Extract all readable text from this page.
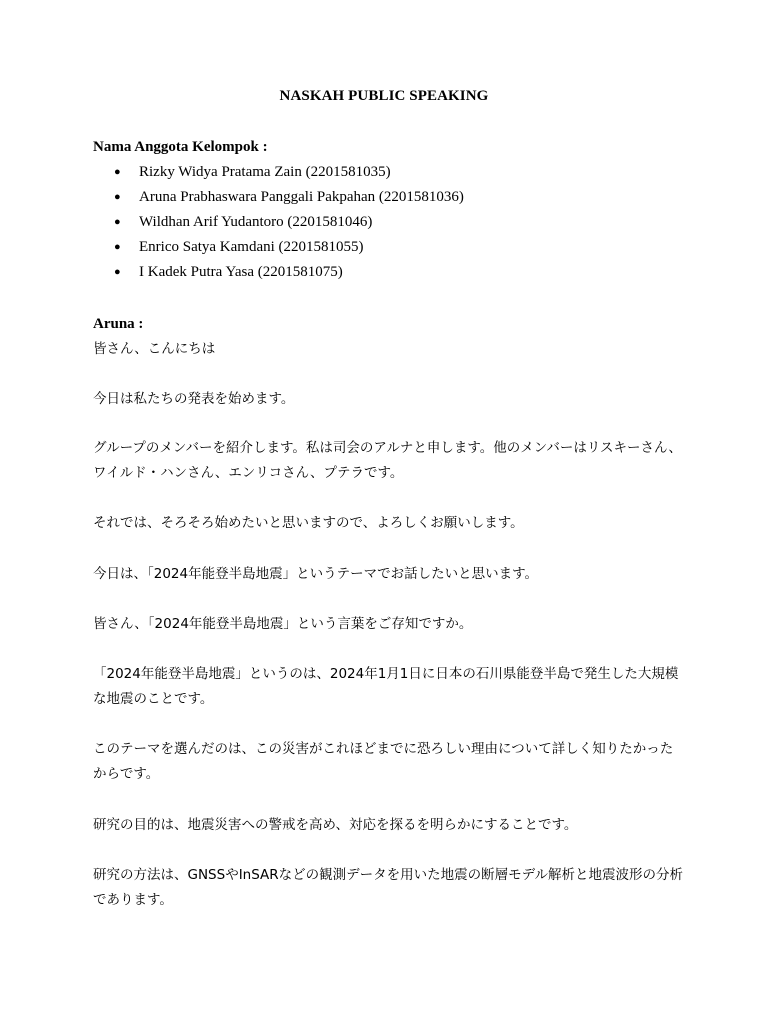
NASKAH PUBLIC SPEAKING
Nama Anggota Kelompok :
● Rizky Widya Pratama Zain (2201581035)
● Aruna Prabhaswara Panggali Pakpahan (2201581036)
● Wildhan Arif Yudantoro (2201581046)
● Enrico Satya Kamdani (2201581055)
● I Kadek Putra Yasa (2201581075)
Aruna :

皆さん、こんにちは

今日は私たちの発表を始めます。

グループのメンバーを紹介します。私は司会のアルナと申します。他のメンバーはリスキーさん、ワイルド・ハンさん、エンリコさん、プテラです。

それでは、そろそろ始めたいと思いますので、よろしくお願いします。

今日は、「2024年能登半島地震」というテーマでお話したいと思います。

皆さん、「2024年能登半島地震」という言葉をご存知ですか。

「2024年能登半島地震」というのは、2024年1月1日に日本の石川県能登半島で発生した大規模な地震のことです。

このテーマを選んだのは、この災害がこれほどまでに恐ろしい理由について詳しく知りたかったからです。

研究の目的は、地震災害への警戒を高め、対応を探るを明らかにすることです。

研究の方法は、GNSSやInSARなどの観測データを用いた地震の断層モデル解析と地震波形の分析であります。
